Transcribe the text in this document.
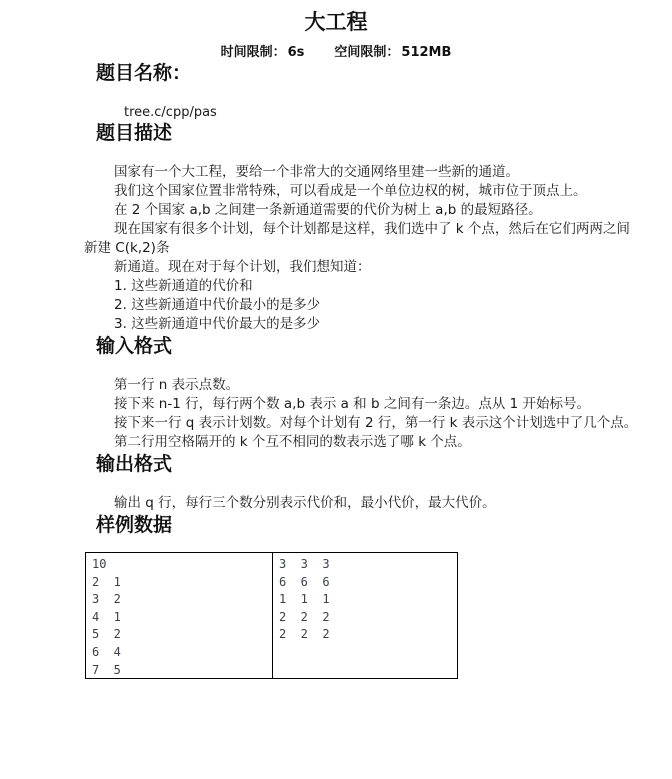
大工程
时间限制： 6s 空间限制： 512MB
题目名称：
tree.c/cpp/pas
题目描述
国家有一个大工程，要给一个非常大的交通网络里建一些新的通道。
我们这个国家位置非常特殊，可以看成是一个单位边权的树，城市位于顶点上。
在 2 个国家 a,b 之间建一条新通道需要的代价为树上 a,b 的最短路径。
现在国家有很多个计划，每个计划都是这样，我们选中了 k 个点，然后在它们两两之间
新建 C(k,2)条
新通道。现在对于每个计划，我们想知道：
1. 这些新通道的代价和
2. 这些新通道中代价最小的是多少
3. 这些新通道中代价最大的是多少
输入格式
第一行 n 表示点数。
接下来 n-1 行，每行两个数 a,b 表示 a 和 b 之间有一条边。点从 1 开始标号。
接下来一行 q 表示计划数。对每个计划有 2 行，第一行 k 表示这个计划选中了几个点。
第二行用空格隔开的 k 个互不相同的数表示选了哪 k 个点。
输出格式
输出 q 行，每行三个数分别表示代价和，最小代价，最大代价。
样例数据
10
2  1
3  2
4  1
5  2
6  4
7  5
3  3  3
6  6  6
1  1  1
2  2  2
2  2  2
